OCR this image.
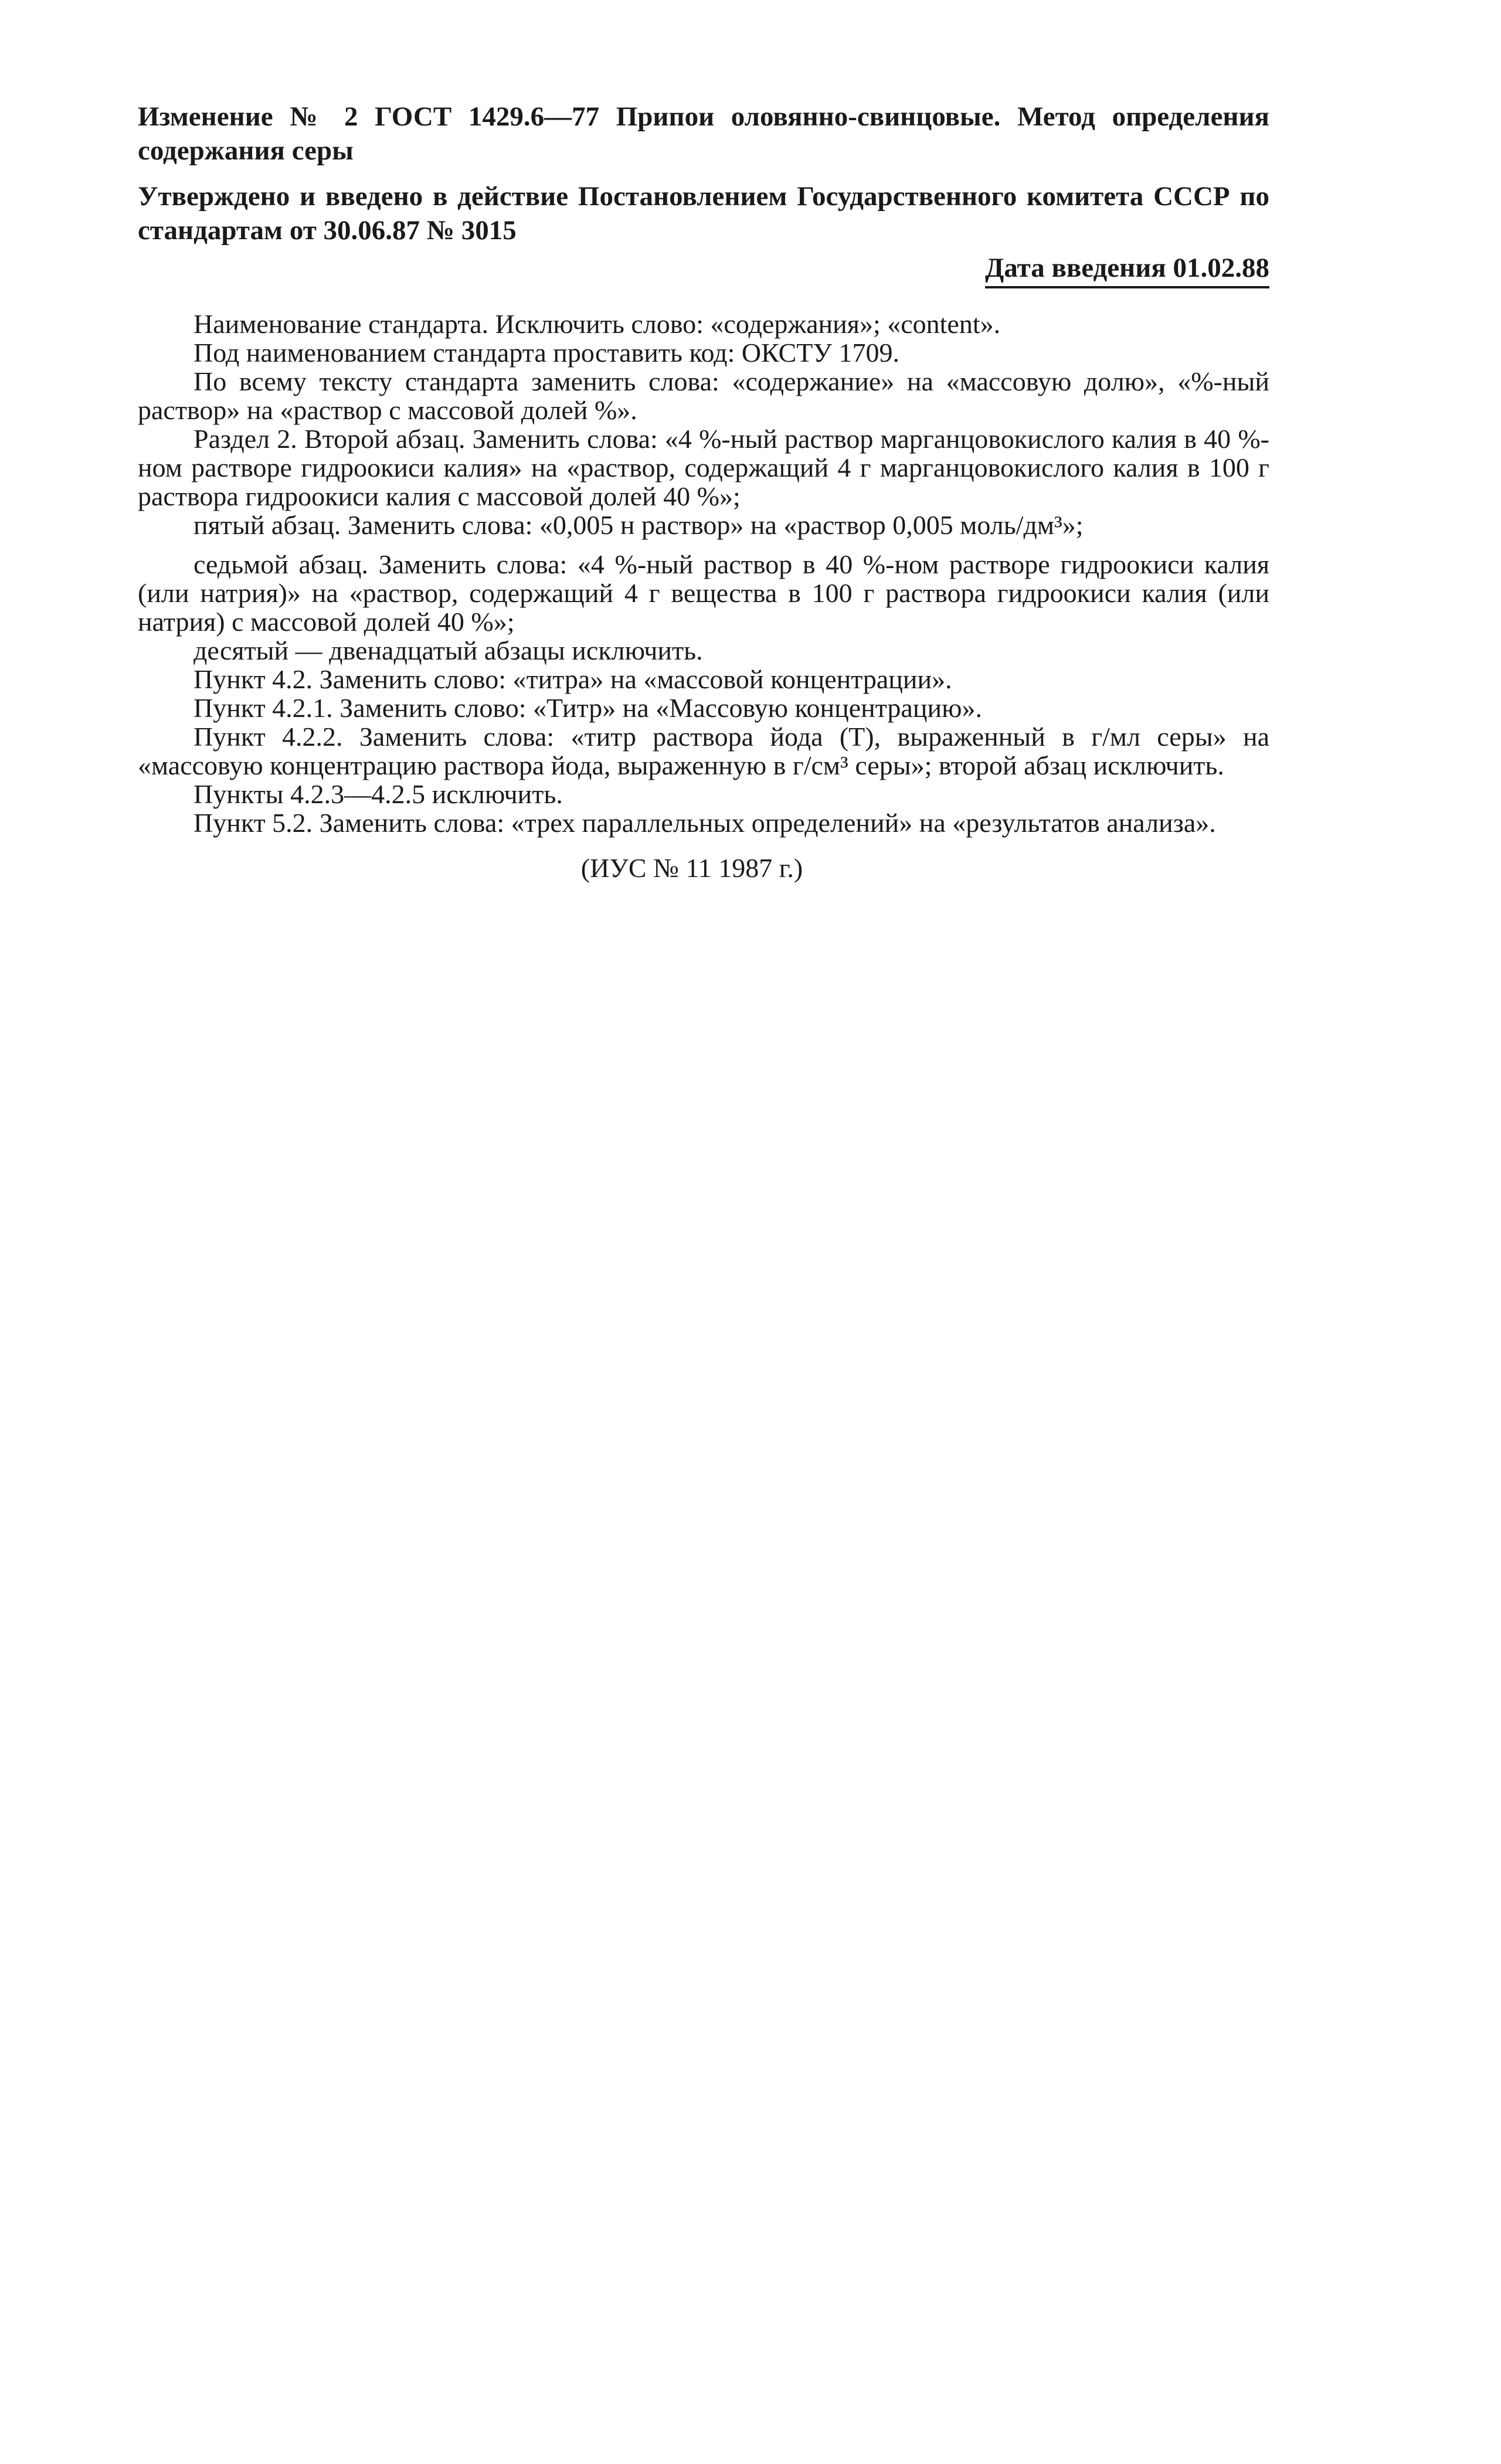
Изменение № 2 ГОСТ 1429.6—77 Припои оловянно-свинцовые. Метод определения содержания серы

Утверждено и введено в действие Постановлением Государственного комитета СССР по стандартам от 30.06.87 № 3015

Дата введения 01.02.88

Наименование стандарта. Исключить слово: «содержания»; «content».

Под наименованием стандарта проставить код: ОКСТУ 1709.

По всему тексту стандарта заменить слова: «содержание» на «массовую долю», «%-ный раствор» на «раствор с массовой долей %».

Раздел 2. Второй абзац. Заменить слова: «4 %-ный раствор марганцовокислого калия в 40 %-ном растворе гидроокиси калия» на «раствор, содержащий 4 г марганцовокислого калия в 100 г раствора гидроокиси калия с массовой долей 40 %»;

пятый абзац. Заменить слова: «0,005 н раствор» на «раствор 0,005 моль/дм³»;

седьмой абзац. Заменить слова: «4 %-ный раствор в 40 %-ном растворе гидроокиси калия (или натрия)» на «раствор, содержащий 4 г вещества в 100 г раствора гидроокиси калия (или натрия) с массовой долей 40 %»;

десятый — двенадцатый абзацы исключить.

Пункт 4.2. Заменить слово: «титра» на «массовой концентрации».

Пункт 4.2.1. Заменить слово: «Титр» на «Массовую концентрацию».

Пункт 4.2.2. Заменить слова: «титр раствора йода (Т), выраженный в г/мл серы» на «массовую концентрацию раствора йода, выраженную в г/см³ серы»; второй абзац исключить.

Пункты 4.2.3—4.2.5 исключить.

Пункт 5.2. Заменить слова: «трех параллельных определений» на «результатов анализа».

(ИУС № 11 1987 г.)
